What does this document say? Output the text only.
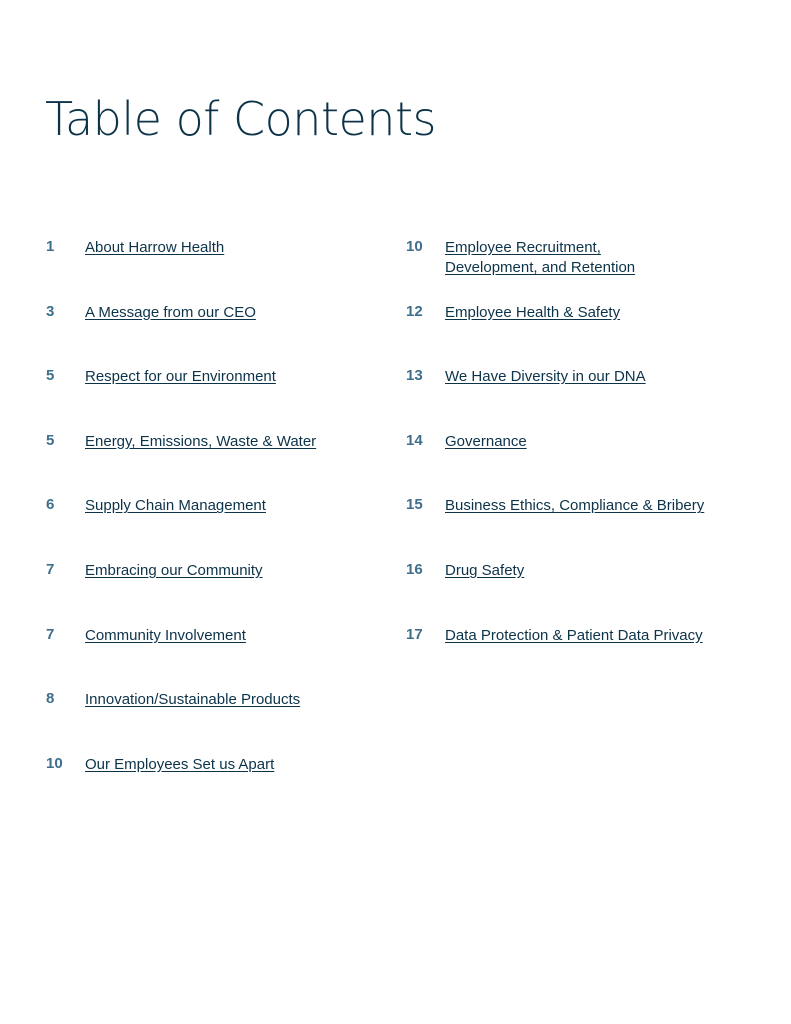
Table of Contents
1 About Harrow Health
3 A Message from our CEO
5 Respect for our Environment
5 Energy, Emissions, Waste & Water
6 Supply Chain Management
7 Embracing our Community
7 Community Involvement
8 Innovation/Sustainable Products
10 Our Employees Set us Apart
10 Employee Recruitment,
Development, and Retention
12 Employee Health & Safety
13 We Have Diversity in our DNA
14 Governance
15 Business Ethics, Compliance & Bribery
16 Drug Safety
17 Data Protection & Patient Data Privacy
